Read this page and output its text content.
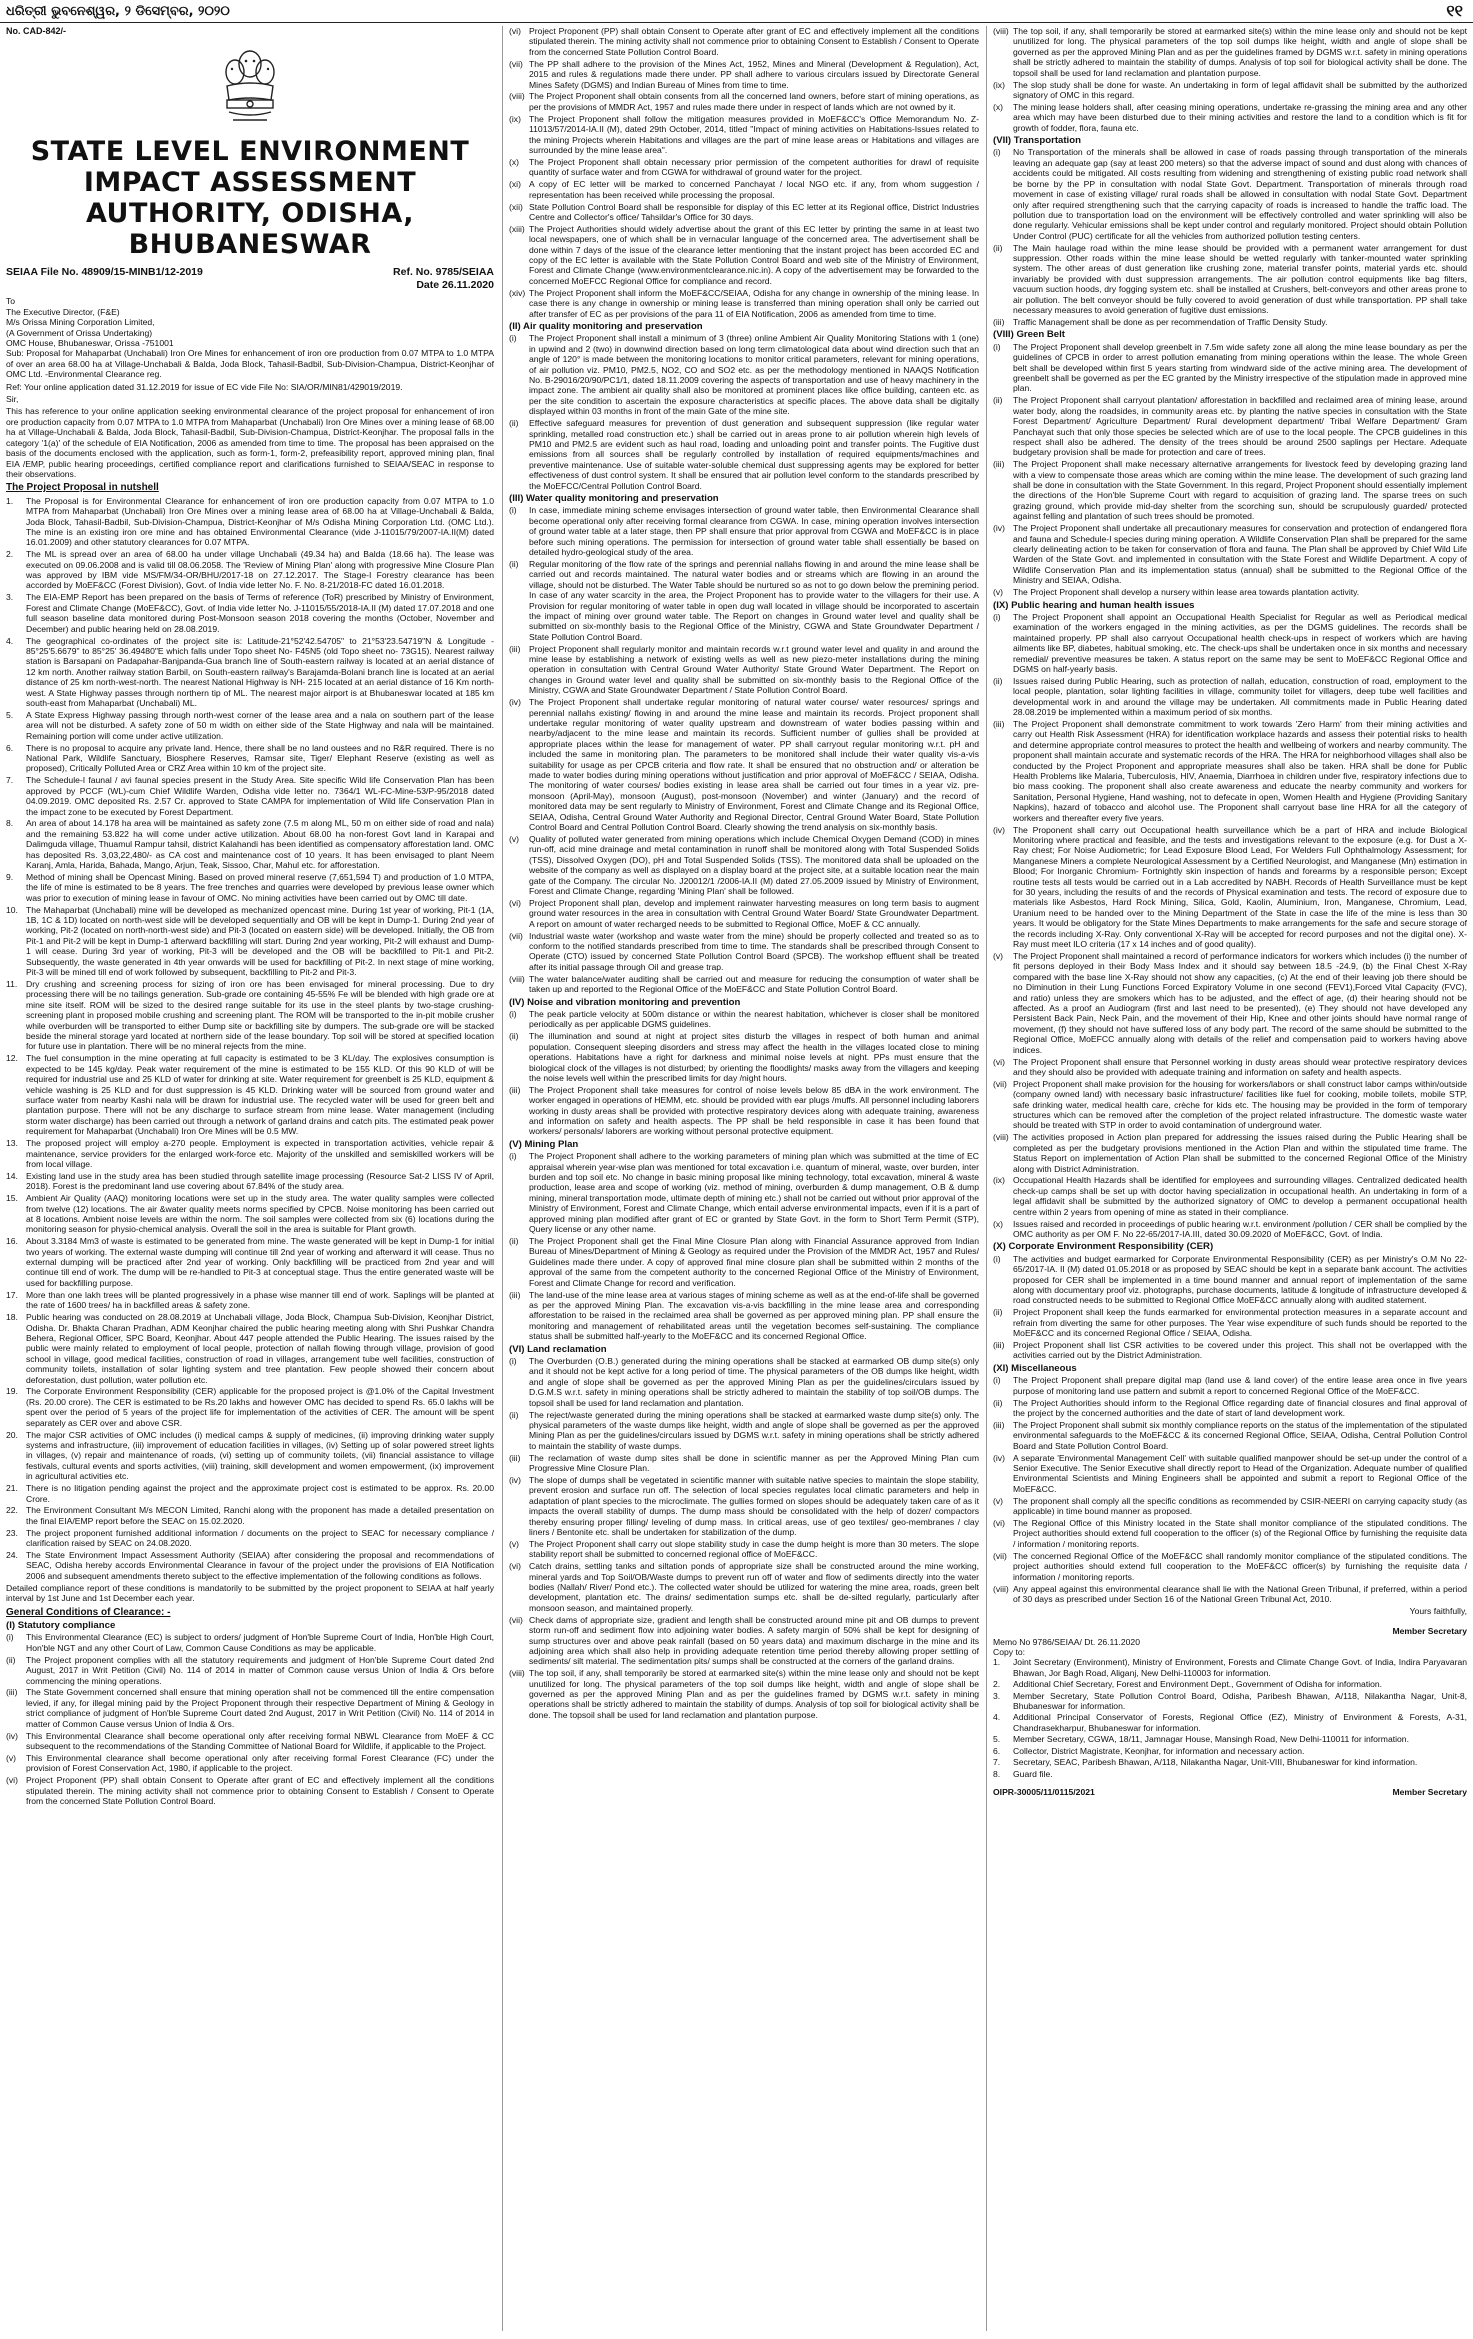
ଧରିତ୍ରୀ ଭୁବନେଶ୍ୱର, ୨ ଡିସେମ୍ବର, ୨୦୨୦	୧୧
No. CAD-842/-
STATE LEVEL ENVIRONMENT IMPACT ASSESSMENT AUTHORITY, ODISHA, BHUBANESWAR
SEIAA File No. 48909/15-MINB1/12-2019	Ref. No. 9785/SEIAA
Date 26.11.2020
To
The Executive Director, (F&E)
M/s Orissa Mining Corporation Limited,
(A Government of Orissa Undertaking)
OMC House, Bhubaneswar, Orissa -751001

Sub: Proposal for Mahaparbat (Unchabali) Iron Ore Mines for enhancement of iron ore production from 0.07 MTPA to 1.0 MTPA of over an area 68.00 ha at Village-Unchabali & Balda, Joda Block, Tahasil-Badbil, Sub-Division-Champua, District-Keonjhar of OMC Ltd. -Environmental Clearance reg.

Ref: Your online application dated 31.12.2019 for issue of EC vide File No: SIA/OR/MIN81/429019/2019.

Sir,

This has reference to your online application seeking environmental clearance of the project proposal for enhancement of iron ore production capacity from 0.07 MTPA to 1.0 MTPA from Mahaparbat (Unchabali) Iron Ore Mines over a mining lease of 68.00 ha at Village-Unchabali & Balda, Joda Block, Tahasil-Badbil, Sub-Division-Champua, District-Keonjhar. The proposal falls in the category '1(a)' of the schedule of EIA Notification, 2006 as amended from time to time. The proposal has been appraised on the basis of the documents enclosed with the application, such as form-1, form-2, prefeasibility report, approved mining plan, final EIA /EMP, public hearing proceedings, certified compliance report and clarifications furnished to SEIAA/SEAC in response to their observations.

The Project Proposal in nutshell
1.	The Proposal is for Environmental Clearance for enhancement of iron ore production capacity from 0.07 MTPA to 1.0 MTPA from Mahaparbat (Unchabali) Iron Ore Mines over a mining lease area of 68.00 ha at Village-Unchabali & Balda, Joda Block, Tahasil-Badbil, Sub-Division-Champua, District-Keonjhar of M/s Odisha Mining Corporation Ltd. (OMC Ltd.). The mine is an existing iron ore mine and has obtained Environmental Clearance (vide J-11015/79/2007-IA.II(M) dated 16.01.2009) and other statutory clearances for 0.07 MTPA.
2.	The ML is spread over an area of 68.00 ha under village Unchabali (49.34 ha) and Balda (18.66 ha). The lease was executed on 09.06.2008 and is valid till 08.06.2058. The 'Review of Mining Plan' along with progressive Mine Closure Plan was approved by IBM vide MS/FM/34-OR/BHU/2017-18 on 27.12.2017. The Stage-I Forestry clearance has been accorded by MoEF&CC (Forest Division), Govt. of India vide letter No. F. No. 8-21/2018-FC dated 16.01.2018.
3.	The EIA-EMP Report has been prepared on the basis of Terms of reference (ToR) prescribed by Ministry of Environment, Forest and Climate Change (MoEF&CC), Govt. of India vide letter No. J-11015/55/2018-IA.II (M) dated 17.07.2018 and one full season baseline data monitored during Post-Monsoon season 2018 covering the months (October, November and December) and public hearing held on 28.08.2019.
4.	The geographical co-ordinates of the project site is: Latitude-21°52'42.54705" to 21°53'23.54719"N & Longitude - 85°25'5.6679" to 85°25' 36.49480"E which falls under Topo sheet No- F45N5 (old Topo sheet no- 73G15). Nearest railway station is Barsapani on Padapahar-Banjpanda-Gua branch line of South-eastern railway is located at an aerial distance of 12 km north. Another railway station Barbil, on South-eastern railway's Barajamda-Bolani branch line is located at an aerial distance of 25 km north-west-north. The nearest National Highway is NH- 215 located at an aerial distance of 16 Km north-west. A State Highway passes through northern tip of ML. The nearest major airport is at Bhubaneswar located at 185 km south-east from Mahaparbat (Unchabali) ML.
5.	A State Express Highway passing through north-west corner of the lease area and a nala on southern part of the lease area will not be disturbed. A safety zone of 50 m width on either side of the State Highway and nala will be maintained. Remaining portion will come under active utilization.
6.	There is no proposal to acquire any private land. Hence, there shall be no land oustees and no R&R required. There is no National Park, Wildlife Sanctuary, Biosphere Reserves, Ramsar site, Tiger/ Elephant Reserve (existing as well as proposed), Critically Polluted Area or CRZ Area within 10 km of the project site.
7.	The Schedule-I faunal / avi faunal species present in the Study Area. Site specific Wild life Conservation Plan has been approved by PCCF (WL)-cum Chief Wildlife Warden, Odisha vide letter no. 7364/1 WL-FC-Mine-53/P-95/2018 dated 04.09.2019. OMC deposited Rs. 2.57 Cr. approved to State CAMPA for implementation of Wild life Conservation Plan in the impact zone to be executed by Forest Department.
8.	An area of about 14.178 ha area will be maintained as safety zone (7.5 m along ML, 50 m on either side of road and nala) and the remaining 53.822 ha will come under active utilization. About 68.00 ha non-forest Govt land in Karapai and Dalimguda village, Thuamul Rampur tahsil, district Kalahandi has been identified as compensatory afforestation land. OMC has deposited Rs. 3,03,22,480/- as CA cost and maintenance cost of 10 years. It has been envisaged to plant Neem Karanj, Amla, Harida, Bahada, Mango, Arjun, Teak, Sissoo, Char, Mahul etc. for afforestation.
9.	Method of mining shall be Opencast Mining. Based on proved mineral reserve (7,651,594 T) and production of 1.0 MTPA, the life of mine is estimated to be 8 years. The free trenches and quarries were developed by previous lease owner which was prior to execution of mining lease in favour of OMC. No mining activities have been carried out by OMC till date.
10. The Mahaparbat (Unchabali) mine will be developed as mechanized opencast mine. During 1st year of working, Pit-1 (1A, 1B, 1C & 1D) located on north-west side will be developed sequentially and OB will be kept in Dump-1. During 2nd year of working, Pit-2 (located on north-north-west side) and Pit-3 (located on eastern side) will be developed. Initially, the OB from Pit-1 and Pit-2 will be kept in Dump-1 afterward backfilling will start. During 2nd year working, Pit-2 will exhaust and Dump-1 will cease. During 3rd year of working, Pit-3 will be developed and the OB will be backfilled to Pit-1 and Pit-2. Subsequently, the waste generated in 4th year onwards will be used for backfilling of Pit-2. In next stage of mine working, Pit-3 will be mined till end of work followed by subsequent, backfilling to Pit-2 and Pit-3.
11.	Dry crushing and screening process for sizing of iron ore has been envisaged for mineral processing. Due to dry processing there will be no tailings generation. Sub-grade ore containing 45-55% Fe will be blended with high grade ore at mine site itself. ROM will be sized to the desired range suitable for its use in the steel plants by two-stage crushing-screening plant in proposed mobile crushing and screening plant. The ROM will be transported to the in-pit mobile crusher while overburden will be transported to either Dump site or backfilling site by dumpers. The sub-grade ore will be stacked beside the mineral storage yard located at northern side of the lease boundary. Top soil will be stored at specified location for future use in plantation. There will be no mineral rejects from the mine.
12. The fuel consumption in the mine operating at full capacity is estimated to be 3 KL/day. The explosives consumption is expected to be 145 kg/day. Peak water requirement of the mine is estimated to be 155 KLD. Of this 90 KLD of will be required for industrial use and 25 KLD of water for drinking at site. Water requirement for greenbelt is 25 KLD, equipment & vehicle washing is 25 KLD and for dust suppression is 45 KLD. Drinking water will be sourced from ground water and surface water from nearby Kashi nala will be drawn for industrial use. The recycled water will be used for green belt and plantation purpose. There will not be any discharge to surface stream from mine lease. Water management (including storm water discharge) has been carried out through a network of garland drains and catch pits. The estimated peak power requirement for Mahaparbat (Unchabali) Iron Ore Mines will be 0.5 MW.
13. The proposed project will employ a-270 people. Employment is expected in transportation activities, vehicle repair & maintenance, service providers for the enlarged work-force etc. Majority of the unskilled and semiskilled workers will be from local village.
14. Existing land use in the study area has been studied through satellite image processing (Resource Sat-2 LISS IV of April, 2018). Forest is the predominant land use covering about 67.84% of the study area.
15. Ambient Air Quality (AAQ) monitoring locations were set up in the study area. The water quality samples were collected from twelve (12) locations. The air &water quality meets norms specified by CPCB. Noise monitoring has been carried out at 8 locations. Ambient noise levels are within the norm. The soil samples were collected from six (6) locations during the monitoring season for physio-chemical analysis. Overall the soil in the area is suitable for Plant growth.
16. About 3.3184 Mm3 of waste is estimated to be generated from mine. The waste generated will be kept in Dump-1 for initial two years of working. The external waste dumping will continue till 2nd year of working and afterward it will cease. Thus no external dumping will be practiced after 2nd year of working. Only backfilling will be practiced from 2nd year and will continue till end of work. The dump will be re-handled to Pit-3 at conceptual stage. Thus the entire generated waste will be used for backfilling purpose.
17. More than one lakh trees will be planted progressively in a phase wise manner till end of work. Saplings will be planted at the rate of 1600 trees/ ha in backfilled areas & safety zone.
18. Public hearing was conducted on 28.08.2019 at Unchabali village, Joda Block, Champua Sub-Division, Keonjhar District, Odisha. Dr. Bhakta Charan Pradhan, ADM Keonjhar chaired the public hearing meeting along with Shri Pushkar Chandra Behera, Regional Officer, SPC Board, Keonjhar. About 447 people attended the Public Hearing. The issues raised by the public were mainly related to employment of local people, protection of nallah flowing through village, provision of good school in village, good medical facilities, construction of road in villages, arrangement tube well facilities, construction of community toilets, installation of solar lighting system and tree plantation. Few people showed their concern about deforestation, dust pollution, water pollution etc.
19. The Corporate Environment Responsibility (CER) applicable for the proposed project is @1.0% of the Capital Investment (Rs. 20.00 crore). The CER is estimated to be Rs.20 lakhs and however OMC has decided to spend Rs. 65.0 lakhs will be spent over the period of 5 years of the project life for implementation of the activities of CER. The amount will be spent separately as CER over and above CSR.
20. The major CSR activities of OMC includes (i) medical camps & supply of medicines, (ii) improving drinking water supply systems and infrastructure, (iii) improvement of education facilities in villages, (iv) Setting up of solar powered street lights in villages, (v) repair and maintenance of roads, (vi) setting up of community toilets, (vii) financial assistance to village festivals, cultural events and sports activities, (viii) training, skill development and women empowerment, (ix) improvement in agricultural activities etc.
21. There is no litigation pending against the project and the approximate project cost is estimated to be approx. Rs. 20.00 Crore.
22. The Environment Consultant M/s MECON Limited, Ranchi along with the proponent has made a detailed presentation on the final EIA/EMP report before the SEAC on 15.02.2020.
23. The project proponent furnished additional information / documents on the project to SEAC for necessary compliance / clarification raised by SEAC on 24.08.2020.
24. The State Environment Impact Assessment Authority (SEIAA) after considering the proposal and recommendations of SEAC, Odisha hereby accords Environmental Clearance in favour of the project under the provisions of EIA Notification 2006 and subsequent amendments thereto subject to the effective implementation of the following conditions as follows.

Detailed compliance report of these conditions is mandatorily to be submitted by the project proponent to SEIAA at half yearly interval by 1st June and 1st December each year.

General Conditions of Clearance: -
(I) Statutory compliance
(i)	This Environmental Clearance (EC) is subject to orders/ judgment of Hon'ble Supreme Court of India, Hon'ble High Court, Hon'ble NGT and any other Court of Law, Common Cause Conditions as may be applicable.
(ii)	The Project proponent complies with all the statutory requirements and judgment of Hon'ble Supreme Court dated 2nd August, 2017 in Writ Petition (Civil) No. 114 of 2014 in matter of Common cause versus Union of India & Ors before commencing the mining operations.
(iii) The State Government concerned shall ensure that mining operation shall not be commenced till the entire compensation levied, if any, for illegal mining paid by the Project Proponent through their respective Department of Mining & Geology in strict compliance of judgment of Hon'ble Supreme Court dated 2nd August, 2017 in Writ Petition (Civil) No. 114 of 2014 in matter of Common Cause versus Union of India & Ors.
(iv) This Environmental Clearance shall become operational only after receiving formal NBWL Clearance from MoEF & CC subsequent to the recommendations of the Standing Committee of National Board for Wildlife, if applicable to the Project.
(v)	This Environmental clearance shall become operational only after receiving formal Forest Clearance (FC) under the provision of Forest Conservation Act, 1980, if applicable to the project.
(vi) Project Proponent (PP) shall obtain Consent to Operate after grant of EC and effectively implement all the conditions stipulated therein. The mining activity shall not commence prior to obtaining Consent to Establish / Consent to Operate from the concerned State Pollution Control Board.
(vi) Project Proponent (PP) shall obtain Consent to Operate after grant of EC and effectively implement all the conditions stipulated therein. The mining activity shall not commence prior to obtaining Consent to Establish / Consent to Operate from the concerned State Pollution Control Board.
(vii) The PP shall adhere to the provision of the Mines Act, 1952, Mines and Mineral (Development & Regulation), Act, 2015 and rules & regulations made there under. PP shall adhere to various circulars issued by Directorate General Mines Safety (DGMS) and Indian Bureau of Mines from time to time.
(viii) The Project Proponent shall obtain consents from all the concerned land owners, before start of mining operations, as per the provisions of MMDR Act, 1957 and rules made there under in respect of lands which are not owned by it.
(ix) The Project Proponent shall follow the mitigation measures provided in MoEF&CC's Office Memorandum No. Z-11013/57/2014-IA.II (M), dated 29th October, 2014, titled "Impact of mining activities on Habitations-Issues related to the mining Projects wherein Habitations and villages are the part of mine lease areas or Habitations and villages are surrounded by the mine lease area".
(x)	The Project Proponent shall obtain necessary prior permission of the competent authorities for drawl of requisite quantity of surface water and from CGWA for withdrawal of ground water for the project.
(xi) A copy of EC letter will be marked to concerned Panchayat / local NGO etc. if any, from whom suggestion / representation has been received while processing the proposal.
(xii) State Pollution Control Board shall be responsible for display of this EC letter at its Regional office, District Industries Centre and Collector's office/ Tahsildar's Office for 30 days.
(xiii) The Project Authorities should widely advertise about the grant of this EC letter by printing the same in at least two local newspapers, one of which shall be in vernacular language of the concerned area. The advertisement shall be done within 7 days of the issue of the clearance letter mentioning that the instant project has been accorded EC and copy of the EC letter is available with the State Pollution Control Board and web site of the Ministry of Environment, Forest and Climate Change (www.environmentclearance.nic.in). A copy of the advertisement may be forwarded to the concerned MoEFCC Regional Office for compliance and record.
(xiv) The Project Proponent shall inform the MoEF&CC/SEIAA, Odisha for any change in ownership of the mining lease. In case there is any change in ownership or mining lease is transferred than mining operation shall only be carried out after transfer of EC as per provisions of the para 11 of EIA Notification, 2006 as amended from time to time.
(II) Air quality monitoring and preservation
(i)	The Project Proponent shall install a minimum of 3 (three) online Ambient Air Quality Monitoring Stations with 1 (one) in upwind and 2 (two) in downwind direction based on long term climatological data about wind direction such that an angle of 120° is made between the monitoring locations to monitor critical parameters, relevant for mining operations, of air pollution viz. PM10, PM2.5, NO2, CO and SO2 etc. as per the methodology mentioned in NAAQS Notification No. B-29016/20/90/PC1/1, dated 18.11.2009 covering the aspects of transportation and use of heavy machinery in the impact zone. The ambient air quality shall also be monitored at prominent places like office building, canteen etc. as per the site condition to ascertain the exposure characteristics at specific places. The above data shall be digitally displayed within 03 months in front of the main Gate of the mine site.
(ii)	Effective safeguard measures for prevention of dust generation and subsequent suppression (like regular water sprinkling, metalled road construction etc.) shall be carried out in areas prone to air pollution wherein high levels of PM10 and PM2.5 are evident such as haul road, loading and unloading point and transfer points. The Fugitive dust emissions from all sources shall be regularly controlled by installation of required equipments/machines and preventive maintenance. Use of suitable water-soluble chemical dust suppressing agents may be explored for better effectiveness of dust control system. It shall be ensured that air pollution level conform to the standards prescribed by the MoEFCC/Central Pollution Control Board.
(III) Water quality monitoring and preservation
(i)	In case, immediate mining scheme envisages intersection of ground water table, then Environmental Clearance shall become operational only after receiving formal clearance from CGWA. In case, mining operation involves intersection of ground water table at a later stage, then PP shall ensure that prior approval from CGWA and MoEF&CC is in place before such mining operations. The permission for intersection of ground water table shall essentially be based on detailed hydro-geological study of the area.
(ii)	Regular monitoring of the flow rate of the springs and perennial nallahs flowing in and around the mine lease shall be carried out and records maintained. The natural water bodies and or streams which are flowing in an around the village, should not be disturbed. The Water Table should be nurtured so as not to go down below the premining period. In case of any water scarcity in the area, the Project Proponent has to provide water to the villagers for their use. A Provision for regular monitoring of water table in open dug wall located in village should be incorporated to ascertain the impact of mining over ground water table. The Report on changes in Ground water level and quality shall be submitted on six-monthly basis to the Regional Office of the Ministry, CGWA and State Groundwater Department / State Pollution Control Board.
(iii) Project Proponent shall regularly monitor and maintain records w.r.t ground water level and quality in and around the mine lease by establishing a network of existing wells as well as new piezo-meter installations during the mining operation in consultation with Central Ground Water Authority/ State Ground Water Department. The Report on changes in Ground water level and quality shall be submitted on six-monthly basis to the Regional Office of the Ministry, CGWA and State Groundwater Department / State Pollution Control Board.
(iv) The Project Proponent shall undertake regular monitoring of natural water course/ water resources/ springs and perennial nallahs existing/ flowing in and around the mine lease and maintain its records. Project proponent shall undertake regular monitoring of water quality upstream and downstream of water bodies passing within and nearby/adjacent to the mine lease and maintain its records. Sufficient number of gullies shall be provided at appropriate places within the lease for management of water. PP shall carryout regular monitoring w.r.t. pH and included the same in monitoring plan. The parameters to be monitored shall include their water quality vis-a-vis suitability for usage as per CPCB criteria and flow rate. It shall be ensured that no obstruction and/ or alteration be made to water bodies during mining operations without justification and prior approval of MoEF&CC / SEIAA, Odisha. The monitoring of water courses/ bodies existing in lease area shall be carried out four times in a year viz. pre-monsoon (April-May), monsoon (August), post-monsoon (November) and winter (January) and the record of monitored data may be sent regularly to Ministry of Environment, Forest and Climate Change and its Regional Office, SEIAA, Odisha, Central Ground Water Authority and Regional Director, Central Ground Water Board, State Pollution Control Board and Central Pollution Control Board. Clearly showing the trend analysis on six-monthly basis.
(v)	Quality of polluted water generated from mining operations which include Chemical Oxygen Demand (COD) in mines run-off, acid mine drainage and metal contamination in runoff shall be monitored along with Total Suspended Solids (TSS), Dissolved Oxygen (DO), pH and Total Suspended Solids (TSS). The monitored data shall be uploaded on the website of the company as well as displayed on a display board at the project site, at a suitable location near the main gate of the Company. The circular No. J20012/1 /2006-IA.II (M) dated 27.05.2009 issued by Ministry of Environment, Forest and Climate Change, regarding 'Mining Plan' shall be followed.
(vi) Project Proponent shall plan, develop and implement rainwater harvesting measures on long term basis to augment ground water resources in the area in consultation with Central Ground Water Board/ State Groundwater Department. A report on amount of water recharged needs to be submitted to Regional Office, MoEF & CC annually.
(vii) Industrial waste water (workshop and waste water from the mine) should be properly collected and treated so as to conform to the notified standards prescribed from time to time. The standards shall be prescribed through Consent to Operate (CTO) issued by concerned State Pollution Control Board (SPCB). The workshop effluent shall be treated after its initial passage through Oil and grease trap.
(viii) The water balance/water auditing shall be carried out and measure for reducing the consumption of water shall be taken up and reported to the Regional Office of the MoEF&CC and State Pollution Control Board.
(IV) Noise and vibration monitoring and prevention
(i)	The peak particle velocity at 500m distance or within the nearest habitation, whichever is closer shall be monitored periodically as per applicable DGMS guidelines.
(ii)	The illumination and sound at night at project sites disturb the villages in respect of both human and animal population. Consequent sleeping disorders and stress may affect the health in the villages located close to mining operations. Habitations have a right for darkness and minimal noise levels at night. PPs must ensure that the biological clock of the villages is not disturbed; by orienting the floodlights/ masks away from the villagers and keeping the noise levels well within the prescribed limits for day /night hours.
(iii) The Project Proponent shall take measures for control of noise levels below 85 dBA in the work environment. The worker engaged in operations of HEMM, etc. should be provided with ear plugs /muffs. All personnel including laborers working in dusty areas shall be provided with protective respiratory devices along with adequate training, awareness and information on safety and health aspects. The PP shall be held responsible in case it has been found that workers/ personals/ laborers are working without personal protective equipment.
(V) Mining Plan
(i)	The Project Proponent shall adhere to the working parameters of mining plan which was submitted at the time of EC appraisal wherein year-wise plan was mentioned for total excavation i.e. quantum of mineral, waste, over burden, inter burden and top soil etc. No change in basic mining proposal like mining technology, total excavation, mineral & waste production, lease area and scope of working (viz. method of mining, overburden & dump management, O.B & dump mining, mineral transportation mode, ultimate depth of mining etc.) shall not be carried out without prior approval of the Ministry of Environment, Forest and Climate Change, which entail adverse environmental impacts, even if it is a part of approved mining plan modified after grant of EC or granted by State Govt. in the form to Short Term Permit (STP), Query license or any other name.
(ii)	The Project Proponent shall get the Final Mine Closure Plan along with Financial Assurance approved from Indian Bureau of Mines/Department of Mining & Geology as required under the Provision of the MMDR Act, 1957 and Rules/ Guidelines made there under. A copy of approved final mine closure plan shall be submitted within 2 months of the approval of the same from the competent authority to the concerned Regional Office of the Ministry of Environment, Forest and Climate Change for record and verification.
(iii) The land-use of the mine lease area at various stages of mining scheme as well as at the end-of-life shall be governed as per the approved Mining Plan. The excavation vis-a-vis backfilling in the mine lease area and corresponding afforestation to be raised in the reclaimed area shall be governed as per approved mining plan. PP shall ensure the monitoring and management of rehabilitated areas until the vegetation becomes self-sustaining. The compliance status shall be submitted half-yearly to the MoEF&CC and its concerned Regional Office.
(VI) Land reclamation
(i)	The Overburden (O.B.) generated during the mining operations shall be stacked at earmarked OB dump site(s) only and it should not be kept active for a long period of time. The physical parameters of the OB dumps like height, width and angle of slope shall be governed as per the approved Mining Plan as per the guidelines/circulars issued by D.G.M.S w.r.t. safety in mining operations shall be strictly adhered to maintain the stability of top soil/OB dumps. The topsoil shall be used for land reclamation and plantation.
(ii)	The reject/waste generated during the mining operations shall be stacked at earmarked waste dump site(s) only. The physical parameters of the waste dumps like height, width and angle of slope shall be governed as per the approved Mining Plan as per the guidelines/circulars issued by DGMS w.r.t. safety in mining operations shall be strictly adhered to maintain the stability of waste dumps.
(iii) The reclamation of waste dump sites shall be done in scientific manner as per the Approved Mining Plan cum Progressive Mine Closure Plan.
(iv) The slope of dumps shall be vegetated in scientific manner with suitable native species to maintain the slope stability, prevent erosion and surface run off. The selection of local species regulates local climatic parameters and help in adaptation of plant species to the microclimate. The gullies formed on slopes should be adequately taken care of as it impacts the overall stability of dumps. The dump mass should be consolidated with the help of dozer/ compactors thereby ensuring proper filling/ leveling of dump mass. In critical areas, use of geo textiles/ geo-membranes / clay liners / Bentonite etc. shall be undertaken for stabilization of the dump.
(v)	The Project Proponent shall carry out slope stability study in case the dump height is more than 30 meters. The slope stability report shall be submitted to concerned regional office of MoEF&CC.
(vi) Catch drains, settling tanks and siltation ponds of appropriate size shall be constructed around the mine working, mineral yards and Top Soil/OB/Waste dumps to prevent run off of water and flow of sediments directly into the water bodies (Nallah/ River/ Pond etc.). The collected water should be utilized for watering the mine area, roads, green belt development, plantation etc. The drains/ sedimentation sumps etc. shall be de-silted regularly, particularly after monsoon season, and maintained properly.
(vii) Check dams of appropriate size, gradient and length shall be constructed around mine pit and OB dumps to prevent storm run-off and sediment flow into adjoining water bodies. A safety margin of 50% shall be kept for designing of sump structures over and above peak rainfall (based on 50 years data) and maximum discharge in the mine and its adjoining area which shall also help in providing adequate retention time period thereby allowing proper settling of sediments/ silt material. The sedimentation pits/ sumps shall be constructed at the corners of the garland drains.
(viii) The top soil, if any, shall temporarily be stored at earmarked site(s) within the mine lease only and should not be kept unutilized for long. The physical parameters of the top soil dumps like height, width and angle of slope shall be governed as per the approved Mining Plan and as per the guidelines framed by DGMS w.r.t. safety in mining operations shall be strictly adhered to maintain the stability of dumps. Analysis of top soil for biological activity shall be done. The topsoil shall be used for land reclamation and plantation purpose.
(viii) The top soil, if any, shall temporarily be stored at earmarked site(s) within the mine lease only and should not be kept unutilized for long. The physical parameters of the top soil dumps like height, width and angle of slope shall be governed as per the approved Mining Plan and as per the guidelines framed by DGMS w.r.t. safety in mining operations shall be strictly adhered to maintain the stability of dumps. Analysis of top soil for biological activity shall be done. The topsoil shall be used for land reclamation and plantation purpose.
(ix) The slop study shall be done for waste. An undertaking in form of legal affidavit shall be submitted by the authorized signatory of OMC in this regard.
(x)	The mining lease holders shall, after ceasing mining operations, undertake re-grassing the mining area and any other area which may have been disturbed due to their mining activities and restore the land to a condition which is fit for growth of fodder, flora, fauna etc.
(VII) Transportation
(i)	No Transportation of the minerals shall be allowed in case of roads passing through transportation of the minerals leaving an adequate gap (say at least 200 meters) so that the adverse impact of sound and dust along with chances of accidents could be mitigated. All costs resulting from widening and strengthening of existing public road network shall be borne by the PP in consultation with nodal State Govt. Department. Transportation of minerals through road movement in case of existing village/ rural roads shall be allowed in consultation with nodal State Govt. Department only after required strengthening such that the carrying capacity of roads is increased to handle the traffic load. The pollution due to transportation load on the environment will be effectively controlled and water sprinkling will also be done regularly. Vehicular emissions shall be kept under control and regularly monitored. Project should obtain Pollution Under Control (PUC) certificate for all the vehicles from authorized pollution testing centers.
(ii)	The Main haulage road within the mine lease should be provided with a permanent water arrangement for dust suppression. Other roads within the mine lease should be wetted regularly with tanker-mounted water sprinkling system. The other areas of dust generation like crushing zone, material transfer points, material yards etc. should invariably be provided with dust suppression arrangements. The air pollution control equipments like bag filters, vacuum suction hoods, dry fogging system etc. shall be installed at Crushers, belt-conveyors and other areas prone to air pollution. The belt conveyor should be fully covered to avoid generation of dust while transportation. PP shall take necessary measures to avoid generation of fugitive dust emissions.
(iii) Traffic Management shall be done as per recommendation of Traffic Density Study.
(VIII) Green Belt
(i)	The Project Proponent shall develop greenbelt in 7.5m wide safety zone all along the mine lease boundary as per the guidelines of CPCB in order to arrest pollution emanating from mining operations within the lease. The whole Green belt shall be developed within first 5 years starting from windward side of the active mining area. The development of greenbelt shall be governed as per the EC granted by the Ministry irrespective of the stipulation made in approved mine plan.
(ii)	The Project Proponent shall carryout plantation/ afforestation in backfilled and reclaimed area of mining lease, around water body, along the roadsides, in community areas etc. by planting the native species in consultation with the State Forest Department/ Agriculture Department/ Rural development department/ Tribal Welfare Department/ Gram Panchayat such that only those species be selected which are of use to the local people. The CPCB guidelines in this respect shall also be adhered. The density of the trees should be around 2500 saplings per Hectare. Adequate budgetary provision shall be made for protection and care of trees.
(iii) The Project Proponent shall make necessary alternative arrangements for livestock feed by developing grazing land with a view to compensate those areas which are coming within the mine lease. The development of such grazing land shall be done in consultation with the State Government. In this regard, Project Proponent should essentially implement the directions of the Hon'ble Supreme Court with regard to acquisition of grazing land. The sparse trees on such grazing ground, which provide mid-day shelter from the scorching sun, should be scrupulously guarded/ protected against felling and plantation of such trees should be promoted.
(iv) The Project Proponent shall undertake all precautionary measures for conservation and protection of endangered flora and fauna and Schedule-I species during mining operation. A Wildlife Conservation Plan shall be prepared for the same clearly delineating action to be taken for conservation of flora and fauna. The Plan shall be approved by Chief Wild Life Warden of the State Govt. and implemented in consultation with the State Forest and Wildlife Department. A copy of Wildlife Conservation Plan and its implementation status (annual) shall be submitted to the Regional Office of the Ministry and SEIAA, Odisha.
(v)	The Project Proponent shall develop a nursery within lease area towards plantation activity.
(IX) Public hearing and human health issues
(i)	The Project Proponent shall appoint an Occupational Health Specialist for Regular as well as Periodical medical examination of the workers engaged in the mining activities, as per the DGMS guidelines. The records shall be maintained properly. PP shall also carryout Occupational health check-ups in respect of workers which are having ailments like BP, diabetes, habitual smoking, etc. The check-ups shall be undertaken once in six months and necessary remedial/ preventive measures be taken. A status report on the same may be sent to MoEF&CC Regional Office and DGMS on half-yearly basis.
(ii)	Issues raised during Public Hearing, such as protection of nallah, education, construction of road, employment to the local people, plantation, solar lighting facilities in village, community toilet for villagers, deep tube well facilities and developmental work in and around the village may be undertaken. All commitments made in Public Hearing dated 28.08.2019 be implemented within a maximum period of six months.
(iii) The Project Proponent shall demonstrate commitment to work towards 'Zero Harm' from their mining activities and carry out Health Risk Assessment (HRA) for identification workplace hazards and assess their potential risks to health and determine appropriate control measures to protect the health and wellbeing of workers and nearby community. The proponent shall maintain accurate and systematic records of the HRA. The HRA for neighborhood villages shall also be conducted by the Project Proponent and appropriate measures shall also be taken. HRA shall be done for Public Health Problems like Malaria, Tuberculosis, HIV, Anaemia, Diarrhoea in children under five, respiratory infections due to bio mass cooking. The proponent shall also create awareness and educate the nearby community and workers for Sanitation, Personal Hygiene, Hand washing, not to defecate in open, Women Health and Hygiene (Providing Sanitary Napkins), hazard of tobacco and alcohol use. The Proponent shall carryout base line HRA for all the category of workers and thereafter every five years.
(iv) The Proponent shall carry out Occupational health surveillance which be a part of HRA and include Biological Monitoring where practical and feasible, and the tests and investigations relevant to the exposure (e.g. for Dust a X-Ray chest; For Noise Audiometric; for Lead Exposure Blood Lead, For Welders Full Ophthalmology Assessment; for Manganese Miners a complete Neurological Assessment by a Certified Neurologist, and Manganese (Mn) estimation in Blood; For Inorganic Chromium- Fortnightly skin inspection of hands and forearms by a responsible person; Except routine tests all tests would be carried out in a Lab accredited by NABH. Records of Health Surveillance must be kept for 30 years, including the results of and the records of Physical examination and tests. The record of exposure due to materials like Asbestos, Hard Rock Mining, Silica, Gold, Kaolin, Aluminium, Iron, Manganese, Chromium, Lead, Uranium need to be handed over to the Mining Department of the State in case the life of the mine is less than 30 years. It would be obligatory for the State Mines Departments to make arrangements for the safe and secure storage of the records including X-Ray. Only conventional X-Ray will be accepted for record purposes and not the digital one). X-Ray must meet ILO criteria (17 x 14 inches and of good quality).
(v)	The Project Proponent shall maintained a record of performance indicators for workers which includes (i) the number of fit persons deployed in their Body Mass Index and it should say between 18.5 -24.9, (b) the Final Chest X-Ray compared with the base line X-Ray should not show any capacities, (c) At the end of their leaving job there should be no Diminution in their Lung Functions Forced Expiratory Volume in one second (FEV1),Forced Vital Capacity (FVC), and ratio) unless they are smokers which has to be adjusted, and the effect of age, (d) their hearing should not be affected. As a proof an Audiogram (first and last need to be presented), (e) They should not have developed any Persistent Back Pain, Neck Pain, and the movement of their Hip, Knee and other joints should have normal range of movement, (f) they should not have suffered loss of any body part. The record of the same should be submitted to the Regional Office, MoEFCC annually along with details of the relief and compensation paid to workers having above indices.
(vi) The Project Proponent shall ensure that Personnel working in dusty areas should wear protective respiratory devices and they should also be provided with adequate training and information on safety and health aspects.
(vii) Project Proponent shall make provision for the housing for workers/labors or shall construct labor camps within/outside (company owned land) with necessary basic infrastructure/ facilities like fuel for cooking, mobile toilets, mobile STP, safe drinking water, medical health care, crèche for kids etc. The housing may be provided in the form of temporary structures which can be removed after the completion of the project related infrastructure. The domestic waste water should be treated with STP in order to avoid contamination of underground water.
(viii) The activities proposed in Action plan prepared for addressing the issues raised during the Public Hearing shall be completed as per the budgetary provisions mentioned in the Action Plan and within the stipulated time frame. The Status Report on implementation of Action Plan shall be submitted to the concerned Regional Office of the Ministry along with District Administration.
(ix) Occupational Health Hazards shall be identified for employees and surrounding villages. Centralized dedicated health check-up camps shall be set up with doctor having specialization in occupational health. An undertaking in form of a legal affidavit shall be submitted by the authorized signatory of OMC to develop a permanent occupational health centre within 2 years from opening of mine as stated in their compliance.
(x)	Issues raised and recorded in proceedings of public hearing w.r.t. environment /pollution / CER shall be complied by the OMC authority as per OM F. No 22-65/2017-IA.III, dated 30.09.2020 of MoEF&CC, Govt. of India.
(X) Corporate Environment Responsibility (CER)
(i)	The activities and budget earmarked for Corporate Environmental Responsibility (CER) as per Ministry's O.M No 22-65/2017-IA. II (M) dated 01.05.2018 or as proposed by SEAC should be kept in a separate bank account. The activities proposed for CER shall be implemented in a time bound manner and annual report of implementation of the same along with documentary proof viz. photographs, purchase documents, latitude & longitude of infrastructure developed & road constructed needs to be submitted to Regional Office MoEF&CC annually along with audited statement.
(ii)	Project Proponent shall keep the funds earmarked for environmental protection measures in a separate account and refrain from diverting the same for other purposes. The Year wise expenditure of such funds should be reported to the MoEF&CC and its concerned Regional Office / SEIAA, Odisha.
(iii) Project Proponent shall list CSR activities to be covered under this project. This shall not be overlapped with the activities carried out by the District Administration.
(XI) Miscellaneous
(i)	The Project Proponent shall prepare digital map (land use & land cover) of the entire lease area once in five years purpose of monitoring land use pattern and submit a report to concerned Regional Office of the MoEF&CC.
(ii)	The Project Authorities should inform to the Regional Office regarding date of financial closures and final approval of the project by the concerned authorities and the date of start of land development work.
(iii) The Project Proponent shall submit six monthly compliance reports on the status of the implementation of the stipulated environmental safeguards to the MoEF&CC & its concerned Regional Office, SEIAA, Odisha, Central Pollution Control Board and State Pollution Control Board.
(iv) A separate 'Environmental Management Cell' with suitable qualified manpower should be set-up under the control of a Senior Executive. The Senior Executive shall directly report to Head of the Organization. Adequate number of qualified Environmental Scientists and Mining Engineers shall be appointed and submit a report to Regional Office of the MoEF&CC.
(v)	The proponent shall comply all the specific conditions as recommended by CSIR-NEERI on carrying capacity study (as applicable) in time bound manner as proposed.
(vi) The Regional Office of this Ministry located in the State shall monitor compliance of the stipulated conditions. The Project authorities should extend full cooperation to the officer (s) of the Regional Office by furnishing the requisite data / information / monitoring reports.
(vii) The concerned Regional Office of the MoEF&CC shall randomly monitor compliance of the stipulated conditions. The project authorities should extend full cooperation to the MoEF&CC officer(s) by furnishing the requisite data / information / monitoring reports.
(viii) Any appeal against this environmental clearance shall lie with the National Green Tribunal, if preferred, within a period of 30 days as prescribed under Section 16 of the National Green Tribunal Act, 2010.
Yours faithfully,
Member Secretary
Memo No 9786/SEIAA/ Dt. 26.11.2020
Copy to:
1.	Joint Secretary (Environment), Ministry of Environment, Forests and Climate Change Govt. of India, Indira Paryavaran Bhawan, Jor Bagh Road, Aliganj, New Delhi-110003 for information.
2.	Additional Chief Secretary, Forest and Environment Dept., Government of Odisha for information.
3.	Member Secretary, State Pollution Control Board, Odisha, Paribesh Bhawan, A/118, Nilakantha Nagar, Unit-8, Bhubaneswar for information.
4.	Additional Principal Conservator of Forests, Regional Office (EZ), Ministry of Environment & Forests, A-31, Chandrasekharpur, Bhubaneswar for information.
5.	Member Secretary, CGWA, 18/11, Jamnagar House, Mansingh Road, New Delhi-110011 for information.
6.	Collector, District Magistrate, Keonjhar, for information and necessary action.
7.	Secretary, SEAC, Paribesh Bhawan, A/118, Nilakantha Nagar, Unit-VIII, Bhubaneswar for kind information.
8.	Guard file.
OIPR-30005/11/0115/2021	Member Secretary
